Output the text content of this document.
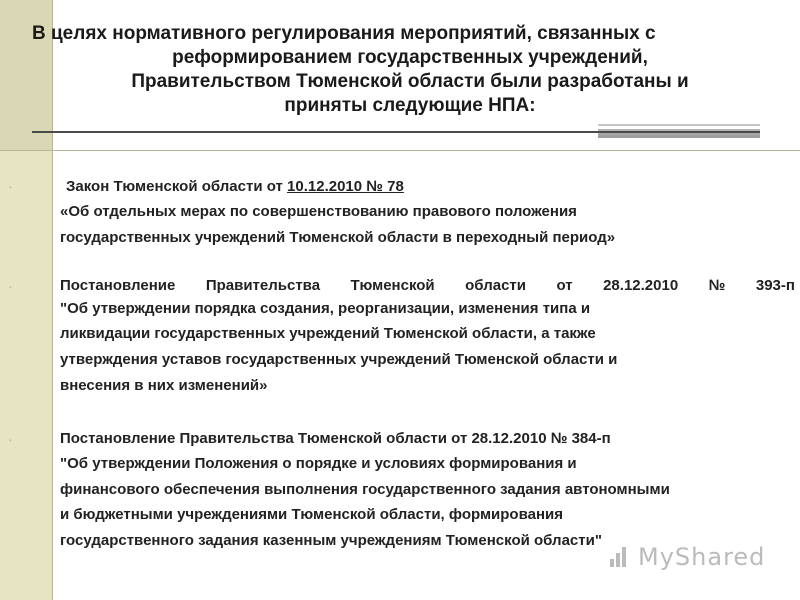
В целях нормативного регулирования мероприятий, связанных с
реформированием государственных учреждений,
Правительством Тюменской области были разработаны и
приняты следующие НПА:
•	Закон Тюменской области от 10.12.2010 № 78
«Об отдельных мерах по совершенствованию правового положения
государственных учреждений Тюменской области в переходный период»
•	Постановление Правительства Тюменской области от 28.12.2010 № 393-п
"Об утверждении порядка создания, реорганизации, изменения типа и
ликвидации государственных учреждений Тюменской области, а также
утверждения уставов государственных учреждений Тюменской области и
внесения в них изменений»
•	Постановление Правительства Тюменской области от 28.12.2010 № 384-п
"Об утверждении Положения о порядке и условиях формирования и
финансового обеспечения выполнения государственного задания автономными
и бюджетными учреждениями Тюменской области, формирования
государственного задания казенным учреждениям Тюменской области"
MyShared
